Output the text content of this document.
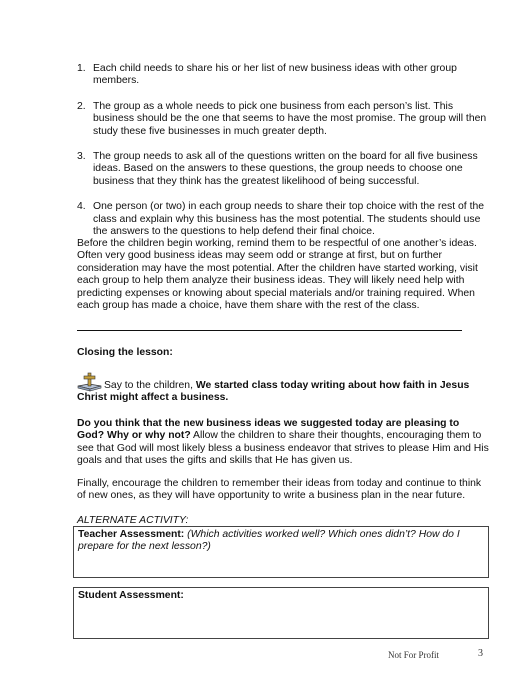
1. Each child needs to share his or her list of new business ideas with other group members.
2. The group as a whole needs to pick one business from each person’s list. This business should be the one that seems to have the most promise. The group will then study these five businesses in much greater depth.
3. The group needs to ask all of the questions written on the board for all five business ideas. Based on the answers to these questions, the group needs to choose one business that they think has the greatest likelihood of being successful.
4. One person (or two) in each group needs to share their top choice with the rest of the class and explain why this business has the most potential. The students should use the answers to the questions to help defend their final choice.

Before the children begin working, remind them to be respectful of one another’s ideas. Often very good business ideas may seem odd or strange at first, but on further consideration may have the most potential. After the children have started working, visit each group to help them analyze their business ideas. They will likely need help with predicting expenses or knowing about special materials and/or training required. When each group has made a choice, have them share with the rest of the class.

Closing the lesson:

Say to the children, We started class today writing about how faith in Jesus Christ might affect a business.

Do you think that the new business ideas we suggested today are pleasing to God? Why or why not? Allow the children to share their thoughts, encouraging them to see that God will most likely bless a business endeavor that strives to please Him and His goals and that uses the gifts and skills that He has given us.

Finally, encourage the children to remember their ideas from today and continue to think of new ones, as they will have opportunity to write a business plan in the near future.

ALTERNATE ACTIVITY:
Teacher Assessment: (Which activities worked well? Which ones didn’t? How do I prepare for the next lesson?)
Student Assessment:
Not For Profit	3
